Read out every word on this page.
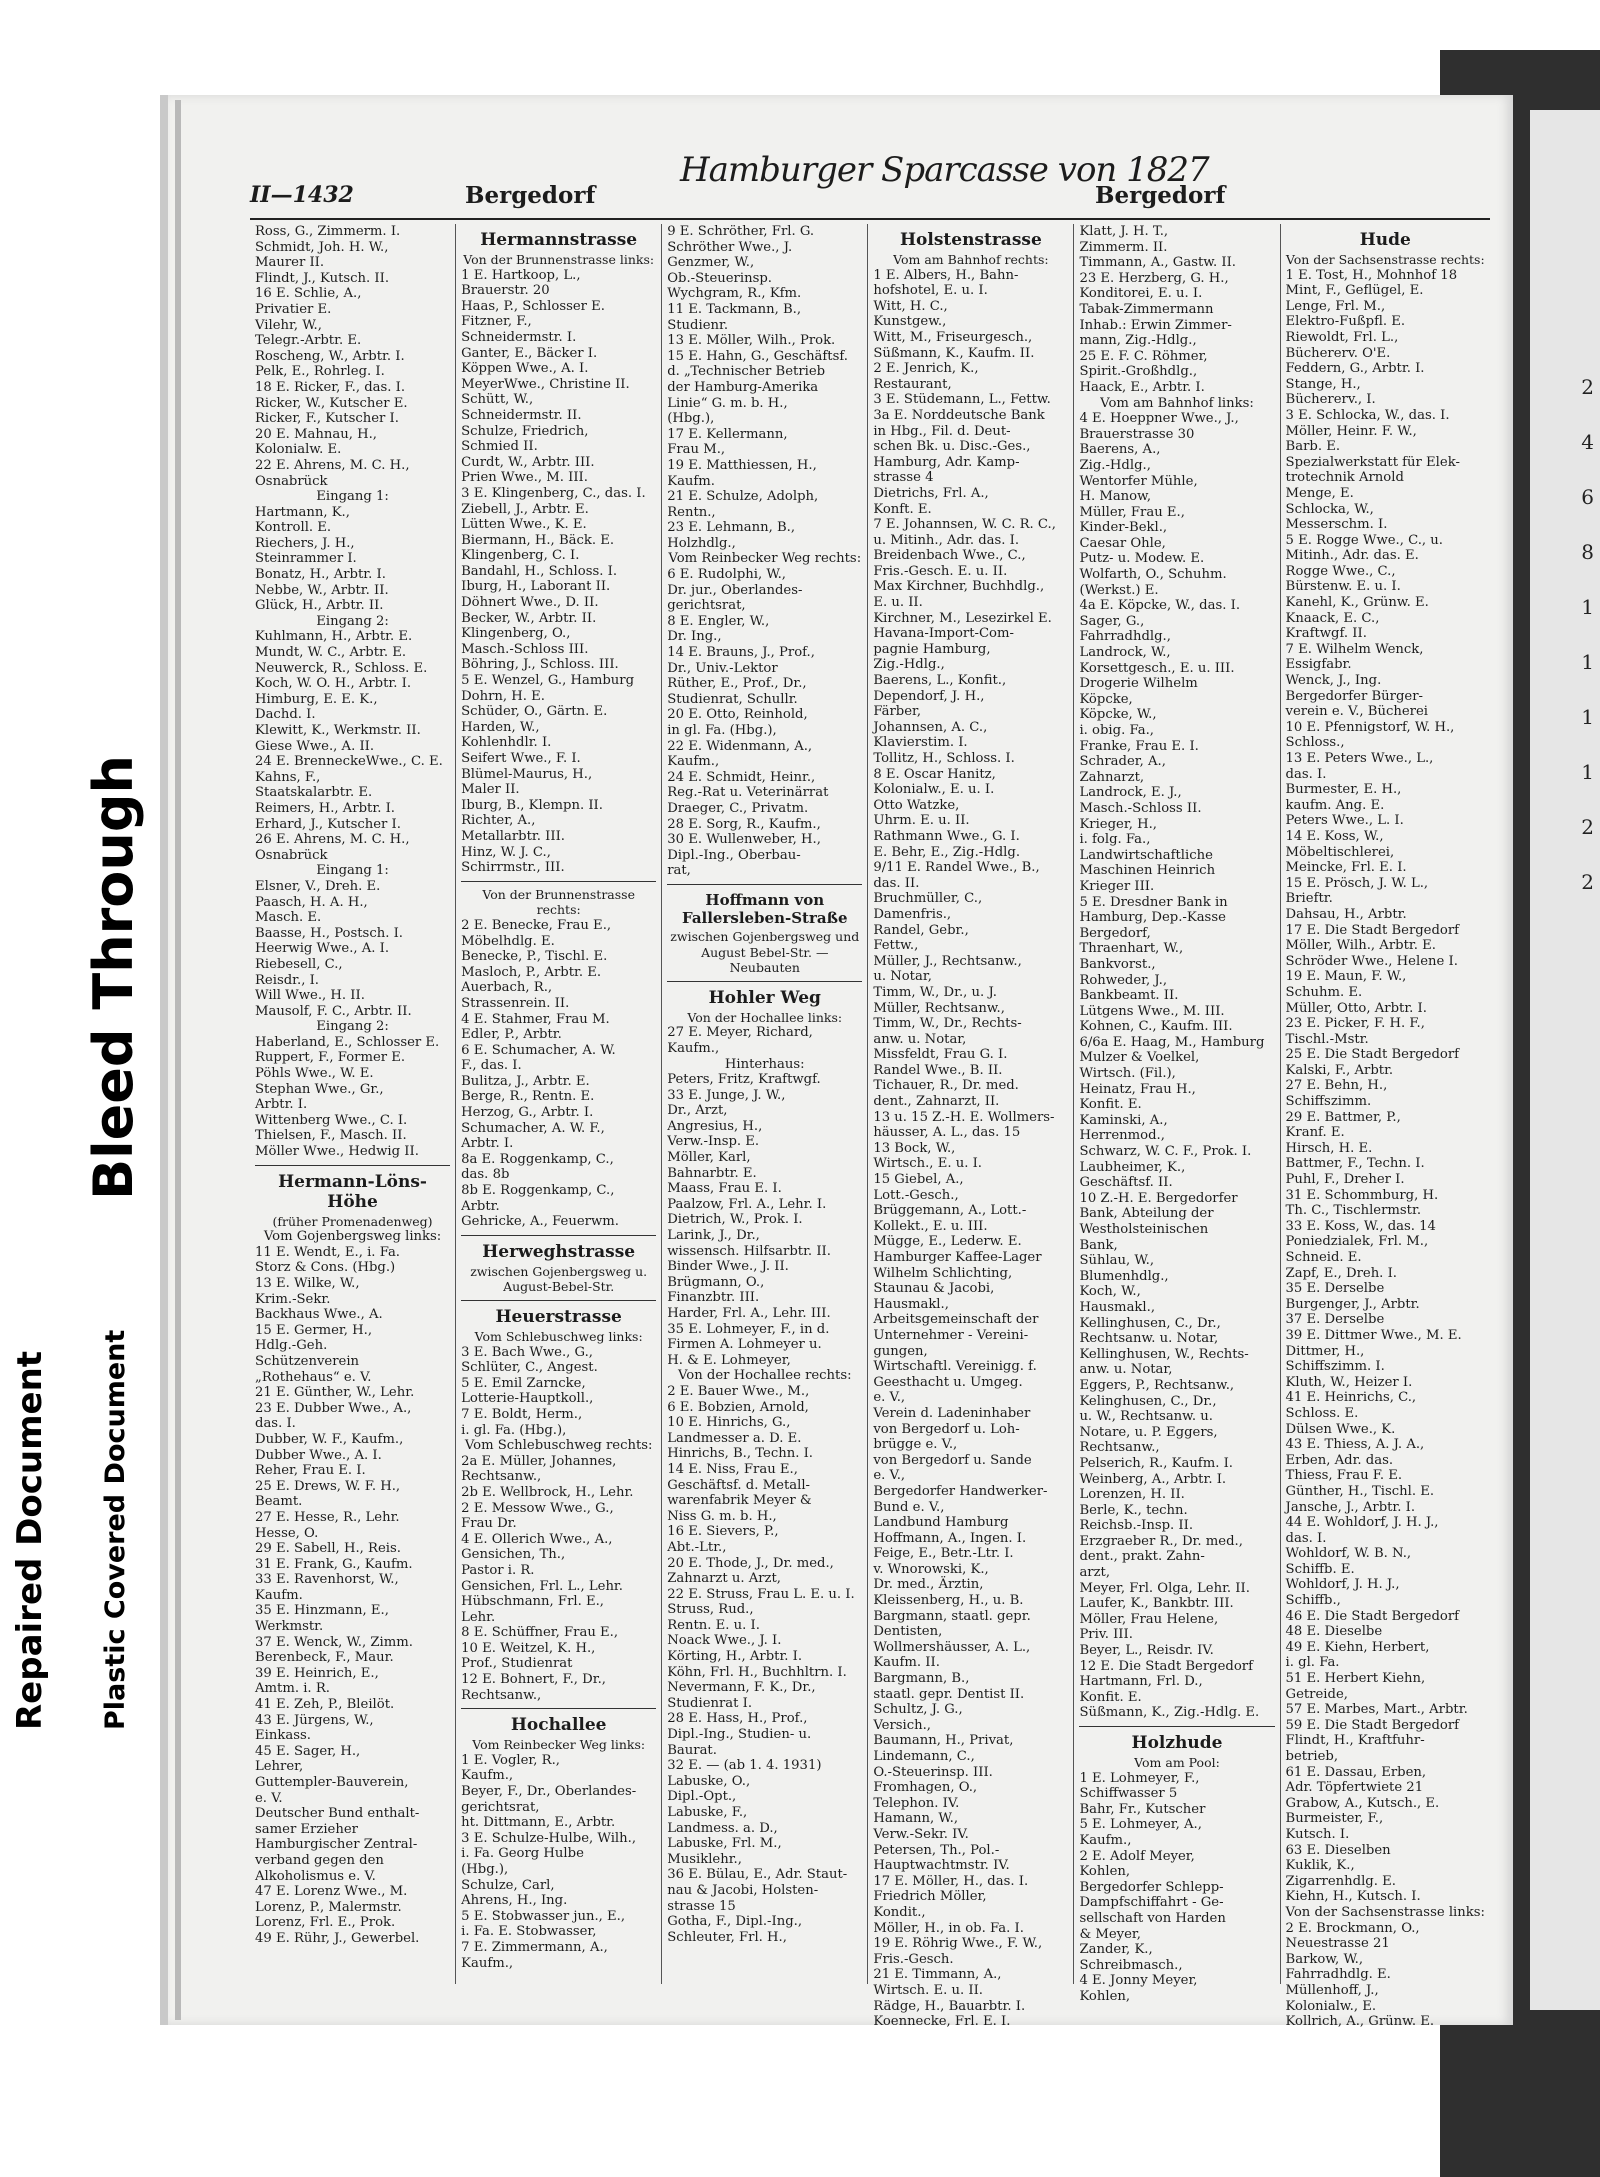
2
4
6
8
1
1
1
1
2
2
Bleed Through
Repaired Document Plastic Covered Document
II—1432	Bergedorf
Hamburger Sparcasse von 1827
Bergedorf
Ross, G., Zimmerm. I.
Schmidt, Joh. H. W.,
Maurer II.
Flindt, J., Kutsch. II.
16 E. Schlie, A.,
Privatier E.
Vilehr, W.,
Telegr.-Arbtr. E.
Roscheng, W., Arbtr. I.
Pelk, E., Rohrleg. I.
18 E. Ricker, F., das. I.
Ricker, W., Kutscher E.
Ricker, F., Kutscher I.
20 E. Mahnau, H.,
Kolonialw. E.
22 E. Ahrens, M. C. H.,
Osnabrück
Eingang 1:
Hartmann, K.,
Kontroll. E.
Riechers, J. H.,
Steinrammer I.
Bonatz, H., Arbtr. I.
Nebbe, W., Arbtr. II.
Glück, H., Arbtr. II.
Eingang 2:
Kuhlmann, H., Arbtr. E.
Mundt, W. C., Arbtr. E.
Neuwerck, R., Schloss. E.
Koch, W. O. H., Arbtr. I.
Himburg, E. E. K.,
Dachd. I.
Klewitt, K., Werkmstr. II.
Giese Wwe., A. II.
24 E. BrenneckeWwe., C. E.
Kahns, F.,
Staatskalarbtr. E.
Reimers, H., Arbtr. I.
Erhard, J., Kutscher I.
26 E. Ahrens, M. C. H.,
Osnabrück
Eingang 1:
Elsner, V., Dreh. E.
Paasch, H. A. H.,
Masch. E.
Baasse, H., Postsch. I.
Heerwig Wwe., A. I.
Riebesell, C.,
Reisdr., I.
Will Wwe., H. II.
Mausolf, F. C., Arbtr. II.
Eingang 2:
Haberland, E., Schlosser E.
Ruppert, F., Former E.
Pöhls Wwe., W. E.
Stephan Wwe., Gr.,
Arbtr. I.
Wittenberg Wwe., C. I.
Thielsen, F., Masch. II.
Möller Wwe., Hedwig II.
Hermann-Löns-Höhe
(früher Promenadenweg)
Vom Gojenbergsweg links:
11 E. Wendt, E., i. Fa.
Storz & Cons. (Hbg.)
13 E. Wilke, W.,
Krim.-Sekr.
Backhaus Wwe., A.
15 E. Germer, H.,
Hdlg.-Geh.
Schützenverein
„Rothehaus“ e. V.
21 E. Günther, W., Lehr.
23 E. Dubber Wwe., A.,
das. I.
Dubber, W. F., Kaufm.,
Dubber Wwe., A. I.
Reher, Frau E. I.
25 E. Drews, W. F. H.,
Beamt.
27 E. Hesse, R., Lehr.
Hesse, O.
29 E. Sabell, H., Reis.
31 E. Frank, G., Kaufm.
33 E. Ravenhorst, W.,
Kaufm.
35 E. Hinzmann, E.,
Werkmstr.
37 E. Wenck, W., Zimm.
Berenbeck, F., Maur.
39 E. Heinrich, E.,
Amtm. i. R.
41 E. Zeh, P., Bleilöt.
43 E. Jürgens, W.,
Einkass.
45 E. Sager, H.,
Lehrer,
Guttempler-Bauverein,
e. V.
Deutscher Bund enthalt-
samer Erzieher
Hamburgischer Zentral-
verband gegen den
Alkoholismus e. V.
47 E. Lorenz Wwe., M.
Lorenz, P., Malermstr.
Lorenz, Frl. E., Prok.
49 E. Rühr, J., Gewerbel.
Hermannstrasse
Von der Brunnenstrasse links:
1 E. Hartkoop, L.,
Brauerstr. 20
Haas, P., Schlosser E.
Fitzner, F.,
Schneidermstr. I.
Ganter, E., Bäcker I.
Köppen Wwe., A. I.
MeyerWwe., Christine II.
Schütt, W.,
Schneidermstr. II.
Schulze, Friedrich,
Schmied II.
Curdt, W., Arbtr. III.
Prien Wwe., M. III.
3 E. Klingenberg, C., das. I.
Ziebell, J., Arbtr. E.
Lütten Wwe., K. E.
Biermann, H., Bäck. E.
Klingenberg, C. I.
Bandahl, H., Schloss. I.
Iburg, H., Laborant II.
Döhnert Wwe., D. II.
Becker, W., Arbtr. II.
Klingenberg, O.,
Masch.-Schloss III.
Böhring, J., Schloss. III.
5 E. Wenzel, G., Hamburg
Dohrn, H. E.
Schüder, O., Gärtn. E.
Harden, W.,
Kohlenhdlr. I.
Seifert Wwe., F. I.
Blümel-Maurus, H.,
Maler II.
Iburg, B., Klempn. II.
Richter, A.,
Metallarbtr. III.
Hinz, W. J. C.,
Schirrmstr., III.
Von der Brunnenstrasse rechts:
2 E. Benecke, Frau E.,
Möbelhdlg. E.
Benecke, P., Tischl. E.
Masloch, P., Arbtr. E.
Auerbach, R.,
Strassenrein. II.
4 E. Stahmer, Frau M.
Edler, P., Arbtr.
6 E. Schumacher, A. W.
F., das. I.
Bulitza, J., Arbtr. E.
Berge, R., Rentn. E.
Herzog, G., Arbtr. I.
Schumacher, A. W. F.,
Arbtr. I.
8a E. Roggenkamp, C.,
das. 8b
8b E. Roggenkamp, C.,
Arbtr.
Gehricke, A., Feuerwm.
Herweghstrasse
zwischen Gojenbergsweg u. August-Bebel-Str.
Heuerstrasse
Vom Schlebuschweg links:
3 E. Bach Wwe., G.,
Schlüter, C., Angest.
5 E. Emil Zarncke,
Lotterie-Hauptkoll.,
7 E. Boldt, Herm.,
i. gl. Fa. (Hbg.),
Vom Schlebuschweg rechts:
2a E. Müller, Johannes,
Rechtsanw.,
2b E. Wellbrock, H., Lehr.
2 E. Messow Wwe., G.,
Frau Dr.
4 E. Ollerich Wwe., A.,
Gensichen, Th.,
Pastor i. R.
Gensichen, Frl. L., Lehr.
Hübschmann, Frl. E.,
Lehr.
8 E. Schüffner, Frau E.,
10 E. Weitzel, K. H.,
Prof., Studienrat
12 E. Bohnert, F., Dr.,
Rechtsanw.,
Hochallee
Vom Reinbecker Weg links:
1 E. Vogler, R.,
Kaufm.,
Beyer, F., Dr., Oberlandes-
gerichtsrat,
ht. Dittmann, E., Arbtr.
3 E. Schulze-Hulbe, Wilh.,
i. Fa. Georg Hulbe
(Hbg.),
Schulze, Carl,
Ahrens, H., Ing.
5 E. Stobwasser jun., E.,
i. Fa. E. Stobwasser,
7 E. Zimmermann, A.,
Kaufm.,
9 E. Schröther, Frl. G.
Schröther Wwe., J.
Genzmer, W.,
Ob.-Steuerinsp.
Wychgram, R., Kfm.
11 E. Tackmann, B.,
Studienr.
13 E. Möller, Wilh., Prok.
15 E. Hahn, G., Geschäftsf.
d. „Technischer Betrieb
der Hamburg-Amerika
Linie“ G. m. b. H.,
(Hbg.),
17 E. Kellermann,
Frau M.,
19 E. Matthiessen, H.,
Kaufm.
21 E. Schulze, Adolph,
Rentn.,
23 E. Lehmann, B.,
Holzhdlg.,
Vom Reinbecker Weg rechts:
6 E. Rudolphi, W.,
Dr. jur., Oberlandes-
gerichtsrat,
8 E. Engler, W.,
Dr. Ing.,
14 E. Brauns, J., Prof.,
Dr., Univ.-Lektor
Rüther, E., Prof., Dr.,
Studienrat, Schullr.
20 E. Otto, Reinhold,
in gl. Fa. (Hbg.),
22 E. Widenmann, A.,
Kaufm.,
24 E. Schmidt, Heinr.,
Reg.-Rat u. Veterinärrat
Draeger, C., Privatm.
28 E. Sorg, R., Kaufm.,
30 E. Wullenweber, H.,
Dipl.-Ing., Oberbau-
rat,
Hoffmann von Fallersleben-Straße
zwischen Gojenbergsweg und August Bebel-Str. — Neubauten
Hohler Weg
Von der Hochallee links:
27 E. Meyer, Richard,
Kaufm.,
Hinterhaus:
Peters, Fritz, Kraftwgf.
33 E. Junge, J. W.,
Dr., Arzt,
Angresius, H.,
Verw.-Insp. E.
Möller, Karl,
Bahnarbtr. E.
Maass, Frau E. I.
Paalzow, Frl. A., Lehr. I.
Dietrich, W., Prok. I.
Larink, J., Dr.,
wissensch. Hilfsarbtr. II.
Binder Wwe., J. II.
Brügmann, O.,
Finanzbtr. III.
Harder, Frl. A., Lehr. III.
35 E. Lohmeyer, F., in d.
Firmen A. Lohmeyer u.
H. & E. Lohmeyer,
Von der Hochallee rechts:
2 E. Bauer Wwe., M.,
6 E. Bobzien, Arnold,
10 E. Hinrichs, G.,
Landmesser a. D. E.
Hinrichs, B., Techn. I.
14 E. Niss, Frau E.,
Geschäftsf. d. Metall-
warenfabrik Meyer &
Niss G. m. b. H.,
16 E. Sievers, P.,
Abt.-Ltr.,
20 E. Thode, J., Dr. med.,
Zahnarzt u. Arzt,
22 E. Struss, Frau L. E. u. I.
Struss, Rud.,
Rentn. E. u. I.
Noack Wwe., J. I.
Körting, H., Arbtr. I.
Köhn, Frl. H., Buchhltrn. I.
Nevermann, F. K., Dr.,
Studienrat I.
28 E. Hass, H., Prof.,
Dipl.-Ing., Studien- u.
Baurat.
32 E. — (ab 1. 4. 1931)
Labuske, O.,
Dipl.-Opt.,
Labuske, F.,
Landmess. a. D.,
Labuske, Frl. M.,
Musiklehr.,
36 E. Bülau, E., Adr. Staut-
nau & Jacobi, Holsten-
strasse 15
Gotha, F., Dipl.-Ing.,
Schleuter, Frl. H.,
Holstenstrasse
Vom am Bahnhof rechts:
1 E. Albers, H., Bahn-
hofshotel, E. u. I.
Witt, H. C.,
Kunstgew.,
Witt, M., Friseurgesch.,
Süßmann, K., Kaufm. II.
2 E. Jenrich, K.,
Restaurant,
3 E. Stüdemann, L., Fettw.
3a E. Norddeutsche Bank
in Hbg., Fil. d. Deut-
schen Bk. u. Disc.-Ges.,
Hamburg, Adr. Kamp-
strasse 4
Dietrichs, Frl. A.,
Konft. E.
7 E. Johannsen, W. C. R. C.,
u. Mitinh., Adr. das. I.
Breidenbach Wwe., C.,
Fris.-Gesch. E. u. II.
Max Kirchner, Buchhdlg.,
E. u. II.
Kirchner, M., Lesezirkel E.
Havana-Import-Com-
pagnie Hamburg,
Zig.-Hdlg.,
Baerens, L., Konfit.,
Dependorf, J. H.,
Färber,
Johannsen, A. C.,
Klavierstim. I.
Tollitz, H., Schloss. I.
8 E. Oscar Hanitz,
Kolonialw., E. u. I.
Otto Watzke,
Uhrm. E. u. II.
Rathmann Wwe., G. I.
E. Behr, E., Zig.-Hdlg.
9/11 E. Randel Wwe., B.,
das. II.
Bruchmüller, C.,
Damenfris.,
Randel, Gebr.,
Fettw.,
Müller, J., Rechtsanw.,
u. Notar,
Timm, W., Dr., u. J.
Müller, Rechtsanw.,
Timm, W., Dr., Rechts-
anw. u. Notar,
Missfeldt, Frau G. I.
Randel Wwe., B. II.
Tichauer, R., Dr. med.
dent., Zahnarzt, II.
13 u. 15 Z.-H. E. Wollmers-
häusser, A. L., das. 15
13 Bock, W.,
Wirtsch., E. u. I.
15 Giebel, A.,
Lott.-Gesch.,
Brüggemann, A., Lott.-
Kollekt., E. u. III.
Mügge, E., Lederw. E.
Hamburger Kaffee-Lager
Wilhelm Schlichting,
Staunau & Jacobi,
Hausmakl.,
Arbeitsgemeinschaft der
Unternehmer - Vereini-
gungen,
Wirtschaftl. Vereinigg. f.
Geesthacht u. Umgeg.
e. V.,
Verein d. Ladeninhaber
von Bergedorf u. Loh-
brügge e. V.,
von Bergedorf u. Sande
e. V.,
Bergedorfer Handwerker-
Bund e. V.,
Landbund Hamburg
Hoffmann, A., Ingen. I.
Feige, E., Betr.-Ltr. I.
v. Wnorowski, K.,
Dr. med., Ärztin,
Kleissenberg, H., u. B.
Bargmann, staatl. gepr.
Dentisten,
Wollmershäusser, A. L.,
Kaufm. II.
Bargmann, B.,
staatl. gepr. Dentist II.
Schultz, J. G.,
Versich.,
Baumann, H., Privat,
Lindemann, C.,
O.-Steuerinsp. III.
Fromhagen, O.,
Telephon. IV.
Hamann, W.,
Verw.-Sekr. IV.
Petersen, Th., Pol.-
Hauptwachtmstr. IV.
17 E. Möller, H., das. I.
Friedrich Möller,
Kondit.,
Möller, H., in ob. Fa. I.
19 E. Röhrig Wwe., F. W.,
Fris.-Gesch.
21 E. Timmann, A.,
Wirtsch. E. u. II.
Rädge, H., Bauarbtr. I.
Koennecke, Frl. E. I.
Klatt, J. H. T.,
Zimmerm. II.
Timmann, A., Gastw. II.
23 E. Herzberg, G. H.,
Konditorei, E. u. I.
Tabak-Zimmermann
Inhab.: Erwin Zimmer-
mann, Zig.-Hdlg.,
25 E. F. C. Röhmer,
Spirit.-Großhdlg.,
Haack, E., Arbtr. I.
Vom am Bahnhof links:
4 E. Hoeppner Wwe., J.,
Brauerstrasse 30
Baerens, A.,
Zig.-Hdlg.,
Wentorfer Mühle,
H. Manow,
Müller, Frau E.,
Kinder-Bekl.,
Caesar Ohle,
Putz- u. Modew. E.
Wolfarth, O., Schuhm.
(Werkst.) E.
4a E. Köpcke, W., das. I.
Sager, G.,
Fahrradhdlg.,
Landrock, W.,
Korsettgesch., E. u. III.
Drogerie Wilhelm
Köpcke,
Köpcke, W.,
i. obig. Fa.,
Franke, Frau E. I.
Schrader, A.,
Zahnarzt,
Landrock, E. J.,
Masch.-Schloss II.
Krieger, H.,
i. folg. Fa.,
Landwirtschaftliche
Maschinen Heinrich
Krieger III.
5 E. Dresdner Bank in
Hamburg, Dep.-Kasse
Bergedorf,
Thraenhart, W.,
Bankvorst.,
Rohweder, J.,
Bankbeamt. II.
Lütgens Wwe., M. III.
Kohnen, C., Kaufm. III.
6/6a E. Haag, M., Hamburg
Mulzer & Voelkel,
Wirtsch. (Fil.),
Heinatz, Frau H.,
Konfit. E.
Kaminski, A.,
Herrenmod.,
Schwarz, W. C. F., Prok. I.
Laubheimer, K.,
Geschäftsf. II.
10 Z.-H. E. Bergedorfer
Bank, Abteilung der
Westholsteinischen
Bank,
Sühlau, W.,
Blumenhdlg.,
Koch, W.,
Hausmakl.,
Kellinghusen, C., Dr.,
Rechtsanw. u. Notar,
Kellinghusen, W., Rechts-
anw. u. Notar,
Eggers, P., Rechtsanw.,
Kelinghusen, C., Dr.,
u. W., Rechtsanw. u.
Notare, u. P. Eggers,
Rechtsanw.,
Pelserich, R., Kaufm. I.
Weinberg, A., Arbtr. I.
Lorenzen, H. II.
Berle, K., techn.
Reichsb.-Insp. II.
Erzgraeber R., Dr. med.,
dent., prakt. Zahn-
arzt,
Meyer, Frl. Olga, Lehr. II.
Laufer, K., Bankbtr. III.
Möller, Frau Helene,
Priv. III.
Beyer, L., Reisdr. IV.
12 E. Die Stadt Bergedorf
Hartmann, Frl. D.,
Konfit. E.
Süßmann, K., Zig.-Hdlg. E.
Holzhude
Vom am Pool:
1 E. Lohmeyer, F.,
Schiffwasser 5
Bahr, Fr., Kutscher
5 E. Lohmeyer, A.,
Kaufm.,
2 E. Adolf Meyer,
Kohlen,
Bergedorfer Schlepp-
Dampfschiffahrt - Ge-
sellschaft von Harden
& Meyer,
Zander, K.,
Schreibmasch.,
4 E. Jonny Meyer,
Kohlen,
Hude
Von der Sachsenstrasse rechts:
1 E. Tost, H., Mohnhof 18
Mint, F., Geflügel, E.
Lenge, Frl. M.,
Elektro-Fußpfl. E.
Riewoldt, Frl. L.,
Büchererv. O'E.
Feddern, G., Arbtr. I.
Stange, H.,
Büchererv., I.
3 E. Schlocka, W., das. I.
Möller, Heinr. F. W.,
Barb. E.
Spezialwerkstatt für Elek-
trotechnik Arnold
Menge, E.
Schlocka, W.,
Messerschm. I.
5 E. Rogge Wwe., C., u.
Mitinh., Adr. das. E.
Rogge Wwe., C.,
Bürstenw. E. u. I.
Kanehl, K., Grünw. E.
Knaack, E. C.,
Kraftwgf. II.
7 E. Wilhelm Wenck,
Essigfabr.
Wenck, J., Ing.
Bergedorfer Bürger-
verein e. V., Bücherei
10 E. Pfennigstorf, W. H.,
Schloss.,
13 E. Peters Wwe., L.,
das. I.
Burmester, E. H.,
kaufm. Ang. E.
Peters Wwe., L. I.
14 E. Koss, W.,
Möbeltischlerei,
Meincke, Frl. E. I.
15 E. Prösch, J. W. L.,
Brieftr.
Dahsau, H., Arbtr.
17 E. Die Stadt Bergedorf
Möller, Wilh., Arbtr. E.
Schröder Wwe., Helene I.
19 E. Maun, F. W.,
Schuhm. E.
Müller, Otto, Arbtr. I.
23 E. Picker, F. H. F.,
Tischl.-Mstr.
25 E. Die Stadt Bergedorf
Kalski, F., Arbtr.
27 E. Behn, H.,
Schiffszimm.
29 E. Battmer, P.,
Kranf. E.
Hirsch, H. E.
Battmer, F., Techn. I.
Puhl, F., Dreher I.
31 E. Schommburg, H.
Th. C., Tischlermstr.
33 E. Koss, W., das. 14
Poniedzialek, Frl. M.,
Schneid. E.
Zapf, E., Dreh. I.
35 E. Derselbe
Burgenger, J., Arbtr.
37 E. Derselbe
39 E. Dittmer Wwe., M. E.
Dittmer, H.,
Schiffszimm. I.
Kluth, W., Heizer I.
41 E. Heinrichs, C.,
Schloss. E.
Dülsen Wwe., K.
43 E. Thiess, A. J. A.,
Erben, Adr. das.
Thiess, Frau F. E.
Günther, H., Tischl. E.
Jansche, J., Arbtr. I.
44 E. Wohldorf, J. H. J.,
das. I.
Wohldorf, W. B. N.,
Schiffb. E.
Wohldorf, J. H. J.,
Schiffb.,
46 E. Die Stadt Bergedorf
48 E. Dieselbe
49 E. Kiehn, Herbert,
i. gl. Fa.
51 E. Herbert Kiehn,
Getreide,
57 E. Marbes, Mart., Arbtr.
59 E. Die Stadt Bergedorf
Flindt, H., Kraftfuhr-
betrieb,
61 E. Dassau, Erben,
Adr. Töpfertwiete 21
Grabow, A., Kutsch., E.
Burmeister, F.,
Kutsch. I.
63 E. Dieselben
Kuklik, K.,
Zigarrenhdlg. E.
Kiehn, H., Kutsch. I.
Von der Sachsenstrasse links:
2 E. Brockmann, O.,
Neuestrasse 21
Barkow, W.,
Fahrradhdlg. E.
Müllenhoff, J.,
Kolonialw., E.
Kollrich, A., Grünw. E.
